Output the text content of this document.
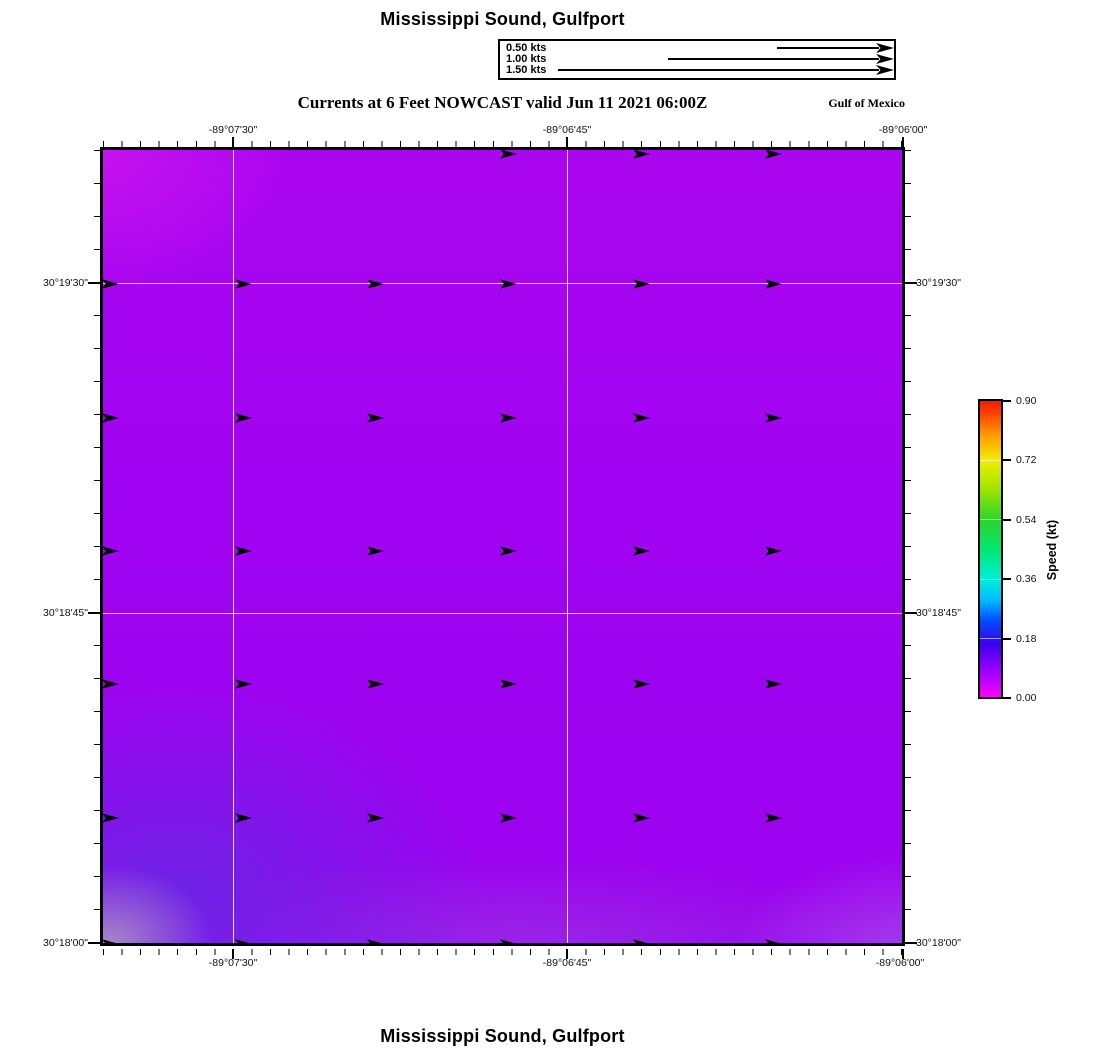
Mississippi Sound, Gulfport
0.50 kts
1.00 kts
1.50 kts
Currents at 6 Feet NOWCAST valid Jun 11 2021 06:00Z	Gulf of Mexico
-89°07'30"	-89°06'45"	-89°06'00"
30°19'30"
30°18'45"
30°18'00"
30°19'30"
30°18'45"
30°18'00"
-89°07'30"	-89°06'45"	-89°06'00"
0.90
0.72
0.54
0.36
0.18
0.00
Speed (kt)
Mississippi Sound, Gulfport
